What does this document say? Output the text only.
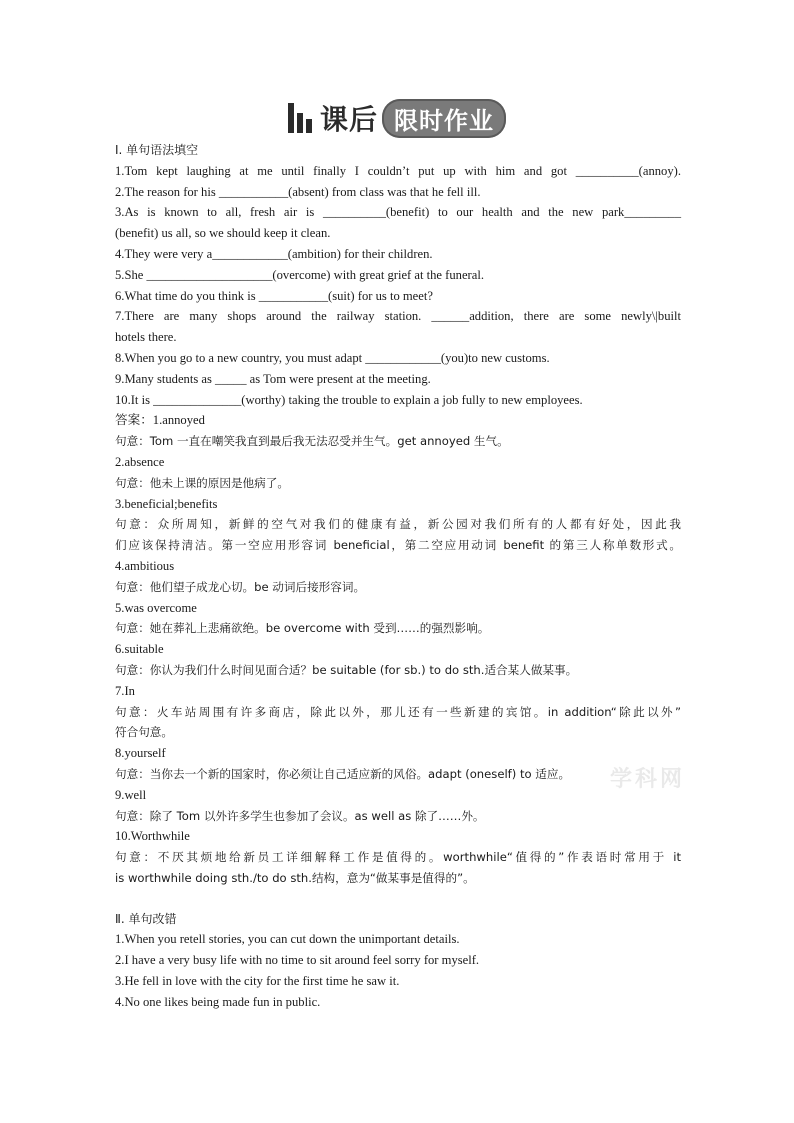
课后 限时作业
Ⅰ. 单句语法填空
1.Tom kept laughing at me until finally I couldn’t put up with him and got __________(annoy).
2.The reason for his ___________(absent) from class was that he fell ill.
3.As is known to all, fresh air is __________(benefit) to our health and the new park_________
(benefit) us all, so we should keep it clean.
4.They were very a____________(ambition) for their children.
5.She ____________________(overcome) with great grief at the funeral.
6.What time do you think is ___________(suit) for us to meet?
7.There are many shops around the railway station. ______addition, there are some newly\|built
hotels there.
8.When you go to a new country, you must adapt ____________(you)to new customs.
9.Many students as _____ as Tom were present at the meeting.
10.It is ______________(worthy) taking the trouble to explain a job fully to new employees.
答案：1.annoyed
句意：Tom 一直在嘲笑我直到最后我无法忍受并生气。get annoyed 生气。
2.absence
句意：他未上课的原因是他病了。
3.beneficial;benefits
句意：众所周知，新鲜的空气对我们的健康有益，新公园对我们所有的人都有好处，因此我
们应该保持清洁。第一空应用形容词 beneficial，第二空应用动词 benefit 的第三人称单数形式。
4.ambitious
句意：他们望子成龙心切。be 动词后接形容词。
5.was overcome
句意：她在葬礼上悲痛欲绝。be overcome with 受到……的强烈影响。
6.suitable
句意：你认为我们什么时间见面合适？be suitable (for sb.) to do sth.适合某人做某事。
7.In
句意：火车站周围有许多商店，除此以外，那儿还有一些新建的宾馆。in addition“除此以外”
符合句意。
8.yourself
句意：当你去一个新的国家时，你必须让自己适应新的风俗。adapt (oneself) to 适应。
9.well
句意：除了 Tom 以外许多学生也参加了会议。as well as 除了……外。
10.Worthwhile
句意：不厌其烦地给新员工详细解释工作是值得的。worthwhile“值得的”作表语时常用于 it
is worthwhile doing sth./to do sth.结构，意为“做某事是值得的”。
Ⅱ. 单句改错
1.When you retell stories, you can cut down the unimportant details.
2.I have a very busy life with no time to sit around feel sorry for myself.
3.He fell in love with the city for the first time he saw it.
4.No one likes being made fun in public.
学科网
